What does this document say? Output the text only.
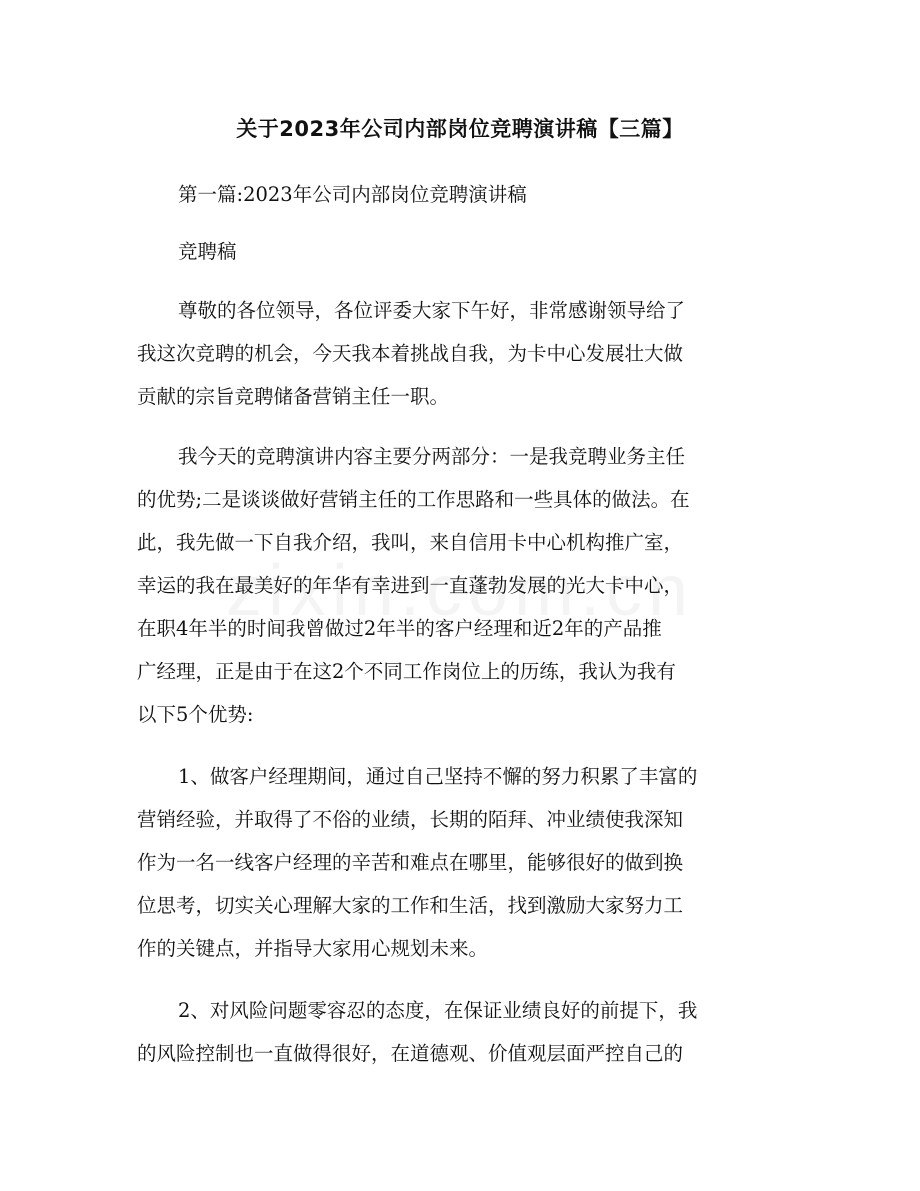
关于2023年公司内部岗位竞聘演讲稿【三篇】
第一篇:2023年公司内部岗位竞聘演讲稿
竞聘稿
尊敬的各位领导，各位评委大家下午好，非常感谢领导给了
我这次竞聘的机会，今天我本着挑战自我，为卡中心发展壮大做
贡献的宗旨竞聘储备营销主任一职。
我今天的竞聘演讲内容主要分两部分：一是我竞聘业务主任
的优势;二是谈谈做好营销主任的工作思路和一些具体的做法。在
此，我先做一下自我介绍，我叫，来自信用卡中心机构推广室，
幸运的我在最美好的年华有幸进到一直蓬勃发展的光大卡中心，
在职4年半的时间我曾做过2年半的客户经理和近2年的产品推
广经理，正是由于在这2个不同工作岗位上的历练，我认为我有
以下5个优势:
1、做客户经理期间，通过自己坚持不懈的努力积累了丰富的
营销经验，并取得了不俗的业绩，长期的陌拜、冲业绩使我深知
作为一名一线客户经理的辛苦和难点在哪里，能够很好的做到换
位思考，切实关心理解大家的工作和生活，找到激励大家努力工
作的关键点，并指导大家用心规划未来。
2、对风险问题零容忍的态度，在保证业绩良好的前提下，我
的风险控制也一直做得很好，在道德观、价值观层面严控自己的
